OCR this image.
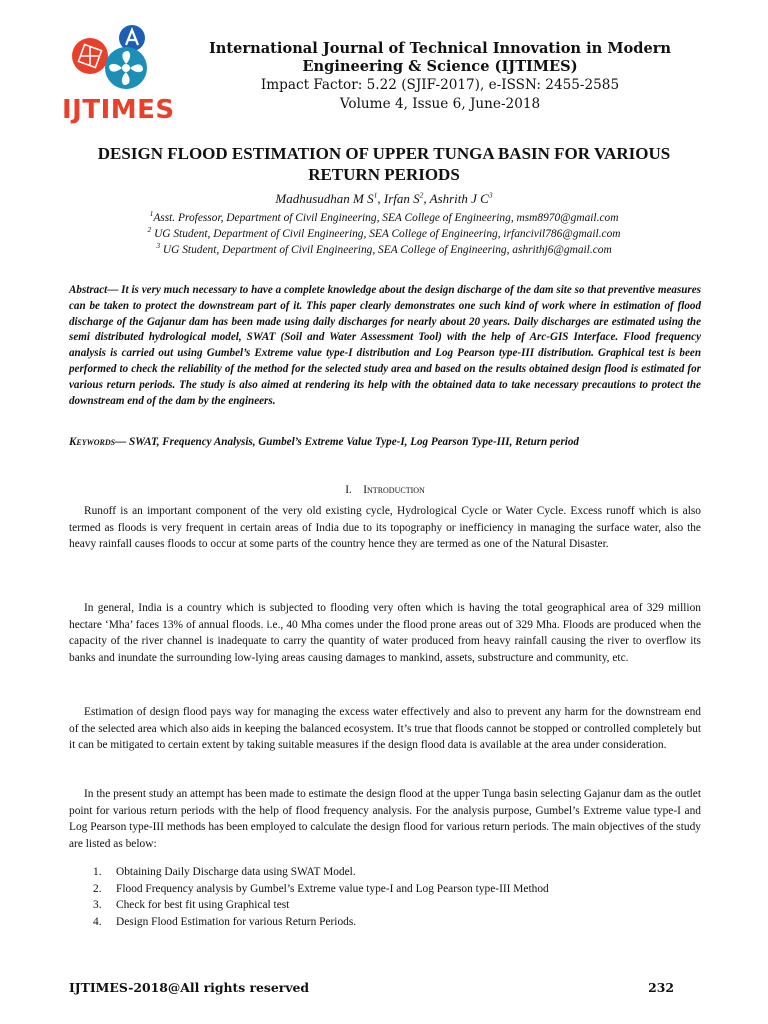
IJTIMES
International Journal of Technical Innovation in Modern
Engineering & Science (IJTIMES)
Impact Factor: 5.22 (SJIF-2017), e-ISSN: 2455-2585
Volume 4, Issue 6, June-2018
DESIGN FLOOD ESTIMATION OF UPPER TUNGA BASIN FOR VARIOUS
RETURN PERIODS
Madhusudhan M $S^1$, Irfan $S^2$, Ashrith J $C^3$
$^1$Asst. Professor, Department of Civil Engineering, SEA College of Engineering, msm8970@gmail.com
$^2$ UG Student, Department of Civil Engineering, SEA College of Engineering, irfancivil786@gmail.com
$^3$ UG Student, Department of Civil Engineering, SEA College of Engineering, ashrithj6@gmail.com
Abstract— It is very much necessary to have a complete knowledge about the design discharge of the dam site so that preventive measures can be taken to protect the downstream part of it. This paper clearly demonstrates one such kind of work where in estimation of flood discharge of the Gajanur dam has been made using daily discharges for nearly about 20 years. Daily discharges are estimated using the semi distributed hydrological model, SWAT (Soil and Water Assessment Tool) with the help of Arc-GIS Interface. Flood frequency analysis is carried out using Gumbel’s Extreme value type-I distribution and Log Pearson type-III distribution. Graphical test is been performed to check the reliability of the method for the selected study area and based on the results obtained design flood is estimated for various return periods. The study is also aimed at rendering its help with the obtained data to take necessary precautions to protect the downstream end of the dam by the engineers.
Keywords— SWAT, Frequency Analysis, Gumbel’s Extreme Value Type-I, Log Pearson Type-III, Return period
I. Introduction

Runoff is an important component of the very old existing cycle, Hydrological Cycle or Water Cycle. Excess runoff which is also termed as floods is very frequent in certain areas of India due to its topography or inefficiency in managing the surface water, also the heavy rainfall causes floods to occur at some parts of the country hence they are termed as one of the Natural Disaster.

In general, India is a country which is subjected to flooding very often which is having the total geographical area of 329 million hectare ‘Mha’ faces 13% of annual floods. i.e., 40 Mha comes under the flood prone areas out of 329 Mha. Floods are produced when the capacity of the river channel is inadequate to carry the quantity of water produced from heavy rainfall causing the river to overflow its banks and inundate the surrounding low-lying areas causing damages to mankind, assets, substructure and community, etc.

Estimation of design flood pays way for managing the excess water effectively and also to prevent any harm for the downstream end of the selected area which also aids in keeping the balanced ecosystem. It’s true that floods cannot be stopped or controlled completely but it can be mitigated to certain extent by taking suitable measures if the design flood data is available at the area under consideration.

In the present study an attempt has been made to estimate the design flood at the upper Tunga basin selecting Gajanur dam as the outlet point for various return periods with the help of flood frequency analysis. For the analysis purpose, Gumbel’s Extreme value type-I and Log Pearson type-III methods has been employed to calculate the design flood for various return periods. The main objectives of the study are listed as below:

1. Obtaining Daily Discharge data using SWAT Model.
2. Flood Frequency analysis by Gumbel’s Extreme value type-I and Log Pearson type-III Method
3. Check for best fit using Graphical test
4. Design Flood Estimation for various Return Periods.
IJTIMES-2018@All rights reserved	232
